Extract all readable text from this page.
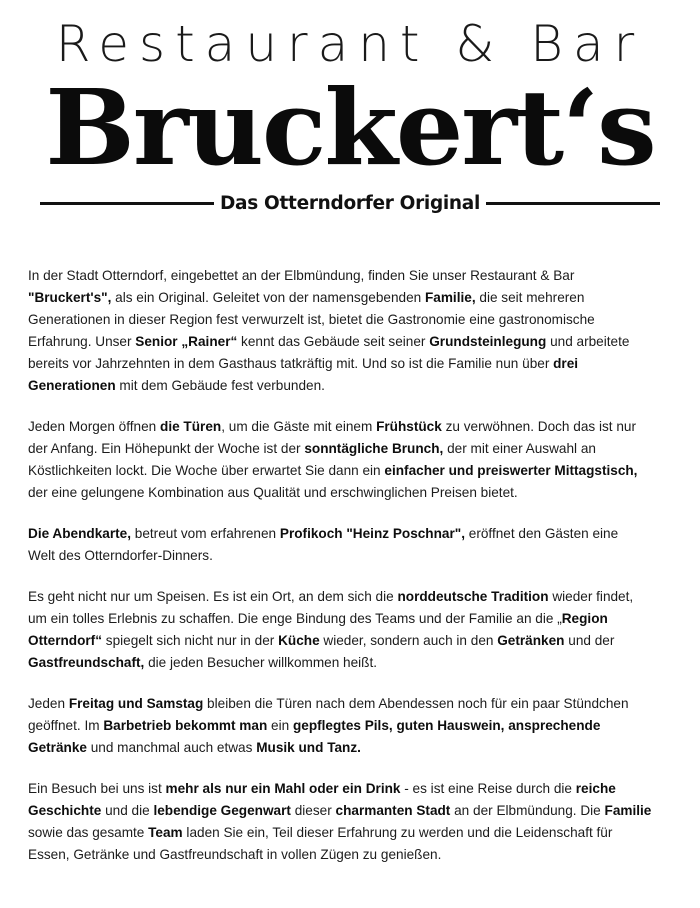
Restaurant & Bar
Bruckert‘s
Das Otterndorfer Original

In der Stadt Otterndorf, eingebettet an der Elbmündung, finden Sie unser Restaurant & Bar
"Bruckert's", als ein Original. Geleitet von der namensgebenden Familie, die seit mehreren
Generationen in dieser Region fest verwurzelt ist, bietet die Gastronomie eine gastronomische
Erfahrung. Unser Senior „Rainer“ kennt das Gebäude seit seiner Grundsteinlegung und arbeitete
bereits vor Jahrzehnten in dem Gasthaus tatkräftig mit. Und so ist die Familie nun über drei
Generationen mit dem Gebäude fest verbunden.

Jeden Morgen öffnen die Türen, um die Gäste mit einem Frühstück zu verwöhnen. Doch das ist nur
der Anfang. Ein Höhepunkt der Woche ist der sonntägliche Brunch, der mit einer Auswahl an
Köstlichkeiten lockt. Die Woche über erwartet Sie dann ein einfacher und preiswerter Mittagstisch,
der eine gelungene Kombination aus Qualität und erschwinglichen Preisen bietet.

Die Abendkarte, betreut vom erfahrenen Profikoch "Heinz Poschnar", eröffnet den Gästen eine
Welt des Otterndorfer-Dinners.

Es geht nicht nur um Speisen. Es ist ein Ort, an dem sich die norddeutsche Tradition wieder findet,
um ein tolles Erlebnis zu schaffen. Die enge Bindung des Teams und der Familie an die „Region
Otterndorf“ spiegelt sich nicht nur in der Küche wieder, sondern auch in den Getränken und der
Gastfreundschaft, die jeden Besucher willkommen heißt.

Jeden Freitag und Samstag bleiben die Türen nach dem Abendessen noch für ein paar Stündchen
geöffnet. Im Barbetrieb bekommt man ein gepflegtes Pils, guten Hauswein, ansprechende
Getränke und manchmal auch etwas Musik und Tanz.

Ein Besuch bei uns ist mehr als nur ein Mahl oder ein Drink - es ist eine Reise durch die reiche
Geschichte und die lebendige Gegenwart dieser charmanten Stadt an der Elbmündung. Die Familie
sowie das gesamte Team laden Sie ein, Teil dieser Erfahrung zu werden und die Leidenschaft für
Essen, Getränke und Gastfreundschaft in vollen Zügen zu genießen.
